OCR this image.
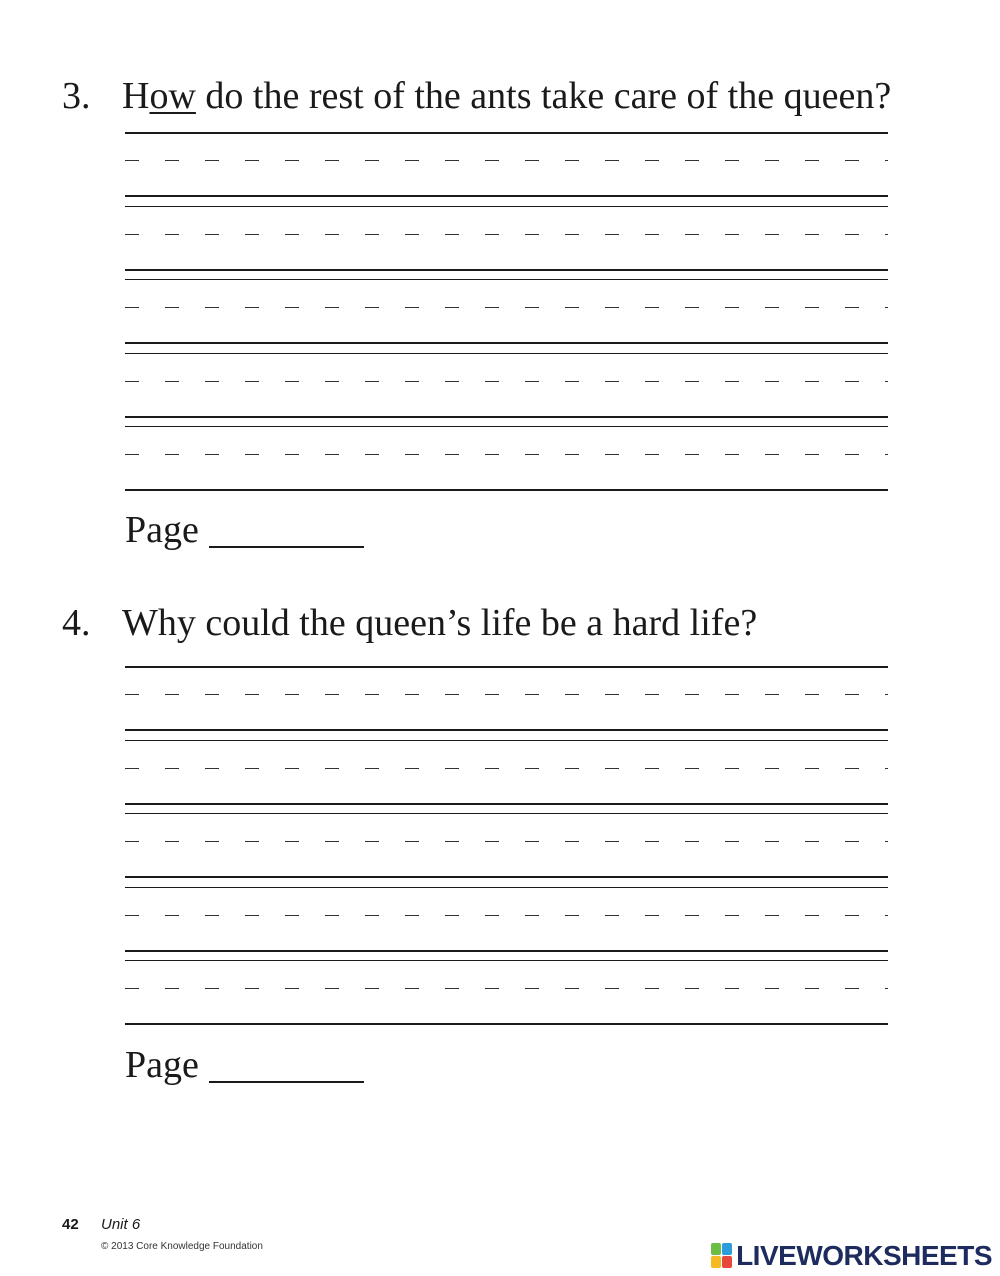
3. How do the rest of the ants take care of the queen?
Page
4. Why could the queen’s life be a hard life?
Page
42 Unit 6
© 2013 Core Knowledge Foundation	LIVEWORKSHEETS
